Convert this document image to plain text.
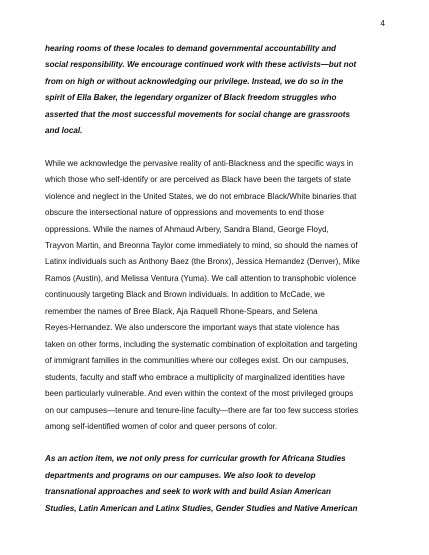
4

hearing rooms of these locales to demand governmental accountability and
social responsibility. We encourage continued work with these activists—but not
from on high or without acknowledging our privilege. Instead, we do so in the
spirit of Ella Baker, the legendary organizer of Black freedom struggles who
asserted that the most successful movements for social change are grassroots
and local.

While we acknowledge the pervasive reality of anti-Blackness and the specific ways in
which those who self-identify or are perceived as Black have been the targets of state
violence and neglect in the United States, we do not embrace Black/White binaries that
obscure the intersectional nature of oppressions and movements to end those
oppressions. While the names of Ahmaud Arbery, Sandra Bland, George Floyd,
Trayvon Martin, and Breonna Taylor come immediately to mind, so should the names of
Latinx individuals such as Anthony Baez (the Bronx), Jessica Hernandez (Denver), Mike
Ramos (Austin), and Melissa Ventura (Yuma). We call attention to transphobic violence
continuously targeting Black and Brown individuals. In addition to McCade, we
remember the names of Bree Black, Aja Raquell Rhone-Spears, and Selena
Reyes-Hernandez. We also underscore the important ways that state violence has
taken on other forms, including the systematic combination of exploitation and targeting
of immigrant families in the communities where our colleges exist. On our campuses,
students, faculty and staff who embrace a multiplicity of marginalized identities have
been particularly vulnerable. And even within the context of the most privileged groups
on our campuses—tenure and tenure-line faculty—there are far too few success stories
among self-identified women of color and queer persons of color.

As an action item, we not only press for curricular growth for Africana Studies
departments and programs on our campuses. We also look to develop
transnational approaches and seek to work with and build Asian American
Studies, Latin American and Latinx Studies, Gender Studies and Native American
